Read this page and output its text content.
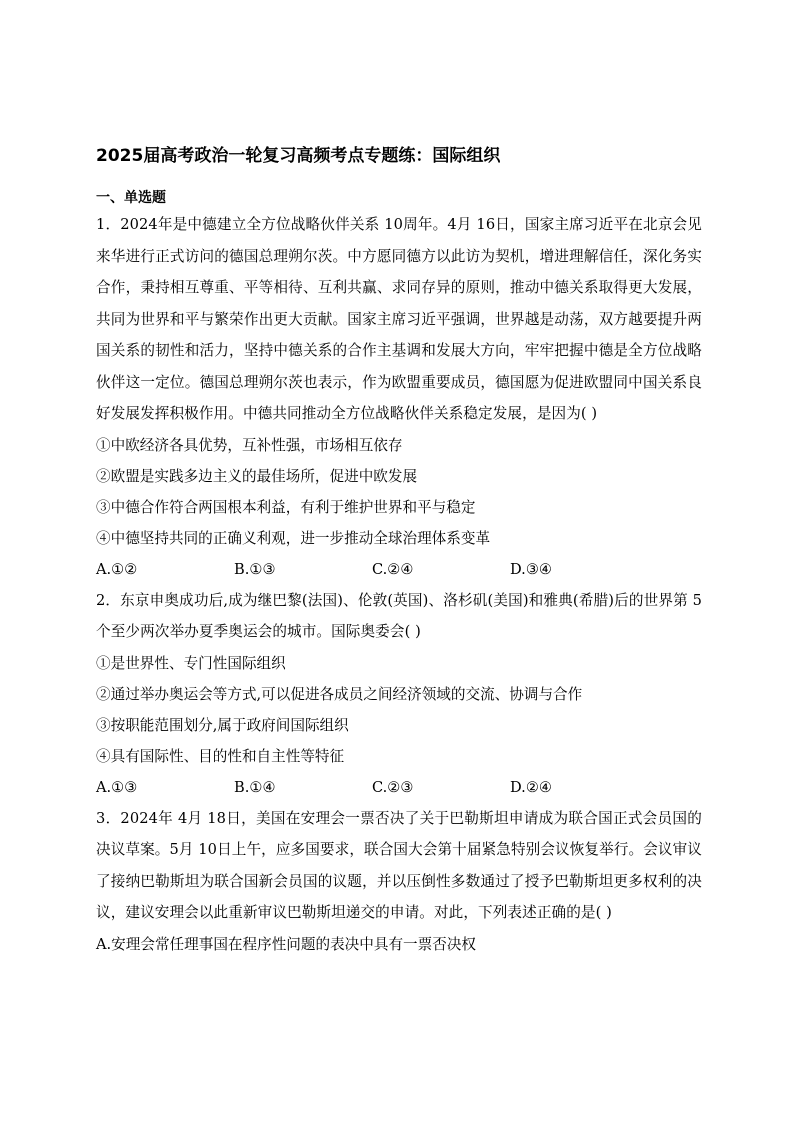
2025届高考政治一轮复习高频考点专题练：国际组织
一、单选题

1．2024年是中德建立全方位战略伙伴关系 10周年。4月 16日，国家主席习近平在北京会见来华进行正式访问的德国总理朔尔茨。中方愿同德方以此访为契机，增进理解信任，深化务实合作，秉持相互尊重、平等相待、互利共赢、求同存异的原则，推动中德关系取得更大发展，共同为世界和平与繁荣作出更大贡献。国家主席习近平强调，世界越是动荡，双方越要提升两国关系的韧性和活力，坚持中德关系的合作主基调和发展大方向，牢牢把握中德是全方位战略伙伴这一定位。德国总理朔尔茨也表示，作为欧盟重要成员，德国愿为促进欧盟同中国关系良好发展发挥积极作用。中德共同推动全方位战略伙伴关系稳定发展，是因为( )

①中欧经济各具优势，互补性强，市场相互依存

②欧盟是实践多边主义的最佳场所，促进中欧发展

③中德合作符合两国根本利益，有利于维护世界和平与稳定

④中德坚持共同的正确义利观，进一步推动全球治理体系变革

A.①②	B.①③	C.②④	D.③④

2．东京申奥成功后,成为继巴黎(法国)、伦敦(英国)、洛杉矶(美国)和雅典(希腊)后的世界第 5个至少两次举办夏季奥运会的城市。国际奥委会( )

①是世界性、专门性国际组织

②通过举办奥运会等方式,可以促进各成员之间经济领域的交流、协调与合作

③按职能范围划分,属于政府间国际组织

④具有国际性、目的性和自主性等特征

A.①③	B.①④	C.②③	D.②④

3．2024年 4月 18日，美国在安理会一票否决了关于巴勒斯坦申请成为联合国正式会员国的决议草案。5月 10日上午，应多国要求，联合国大会第十届紧急特别会议恢复举行。会议审议了接纳巴勒斯坦为联合国新会员国的议题，并以压倒性多数通过了授予巴勒斯坦更多权利的决议，建议安理会以此重新审议巴勒斯坦递交的申请。对此，下列表述正确的是( )

A.安理会常任理事国在程序性问题的表决中具有一票否决权
